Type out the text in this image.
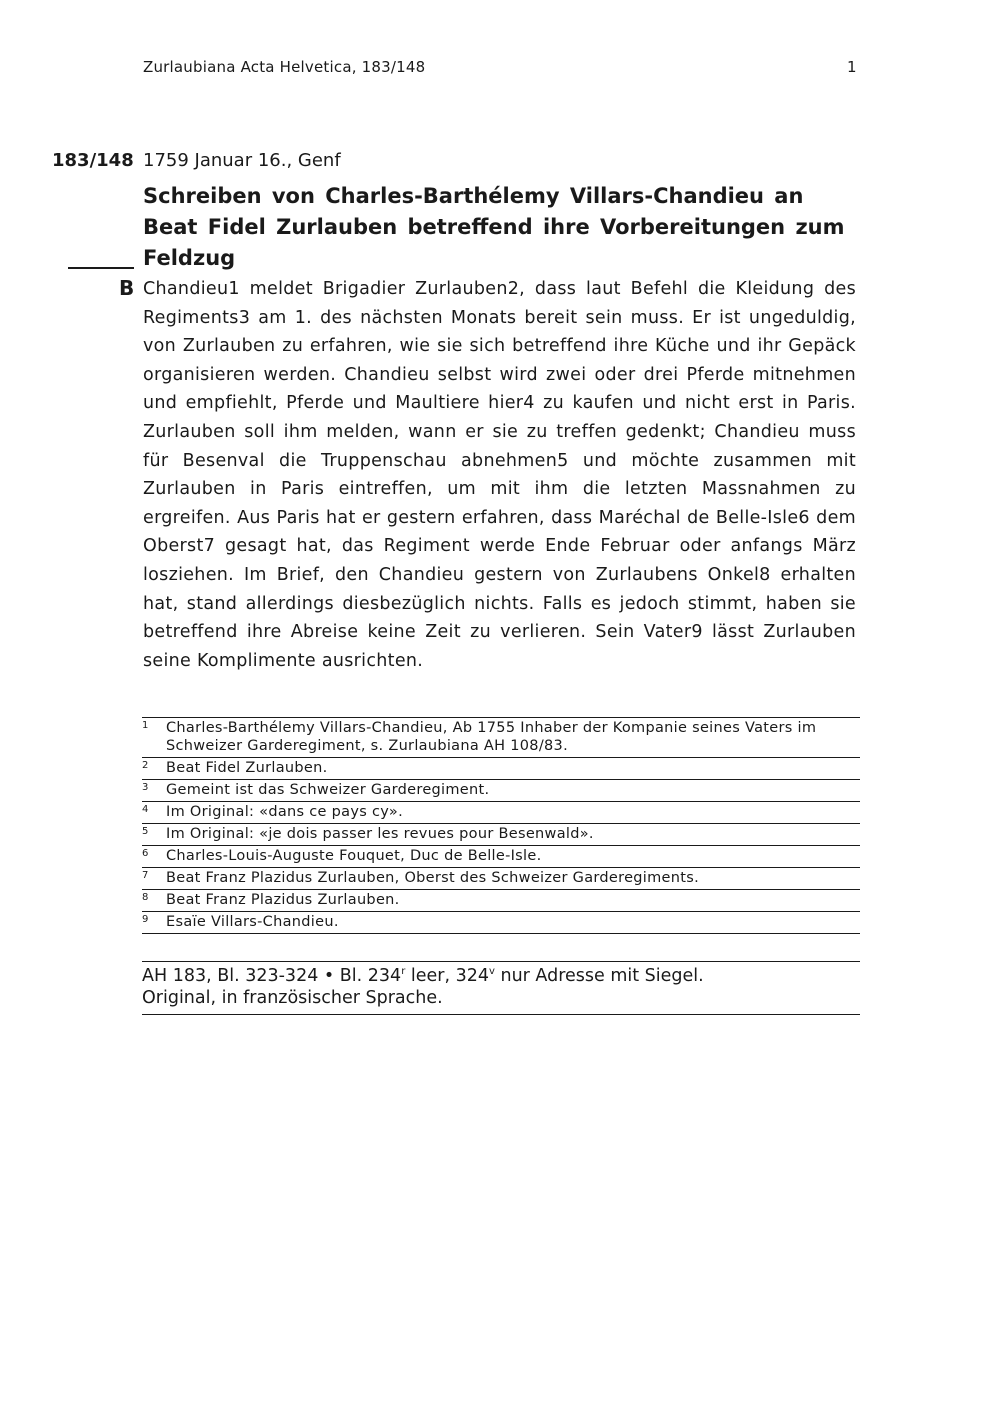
Zurlaubiana Acta Helvetica, 183/148	1
183/148 1759 Januar 16., Genf
Schreiben von Charles-Barthélemy Villars-Chandieu an Beat Fidel Zurlauben betreffend ihre Vorbereitungen zum Feldzug
B Chandieu1 meldet Brigadier Zurlauben2, dass laut Befehl die Kleidung des Regiments3 am 1. des nächsten Monats bereit sein muss. Er ist ungeduldig, von Zurlauben zu erfahren, wie sie sich betreffend ihre Küche und ihr Gepäck organisieren werden. Chandieu selbst wird zwei oder drei Pferde mitnehmen und empfiehlt, Pferde und Maultiere hier4 zu kaufen und nicht erst in Paris. Zurlauben soll ihm melden, wann er sie zu treffen gedenkt; Chandieu muss für Besenval die Truppenschau abnehmen5 und möchte zusammen mit Zurlauben in Paris eintreffen, um mit ihm die letzten Massnahmen zu ergreifen. Aus Paris hat er gestern erfahren, dass Maréchal de Belle-Isle6 dem Oberst7 gesagt hat, das Regiment werde Ende Februar oder anfangs März losziehen. Im Brief, den Chandieu gestern von Zurlaubens Onkel8 erhalten hat, stand allerdings diesbezüglich nichts. Falls es jedoch stimmt, haben sie betreffend ihre Abreise keine Zeit zu verlieren. Sein Vater9 lässt Zurlauben seine Komplimente ausrichten.

1 Charles-Barthélemy Villars-Chandieu, Ab 1755 Inhaber der Kompanie seines Vaters im Schweizer Garderegiment, s. Zurlaubiana AH 108/83.
2 Beat Fidel Zurlauben.
3 Gemeint ist das Schweizer Garderegiment.
4 Im Original: «dans ce pays cy».
5 Im Original: «je dois passer les revues pour Besenwald».
6 Charles-Louis-Auguste Fouquet, Duc de Belle-Isle.
7 Beat Franz Plazidus Zurlauben, Oberst des Schweizer Garderegiments.
8 Beat Franz Plazidus Zurlauben.
9 Esaïe Villars-Chandieu.

AH 183, Bl. 323-324 • Bl. 234$^r$ leer, 324$^v$ nur Adresse mit Siegel.

Original, in französischer Sprache.
